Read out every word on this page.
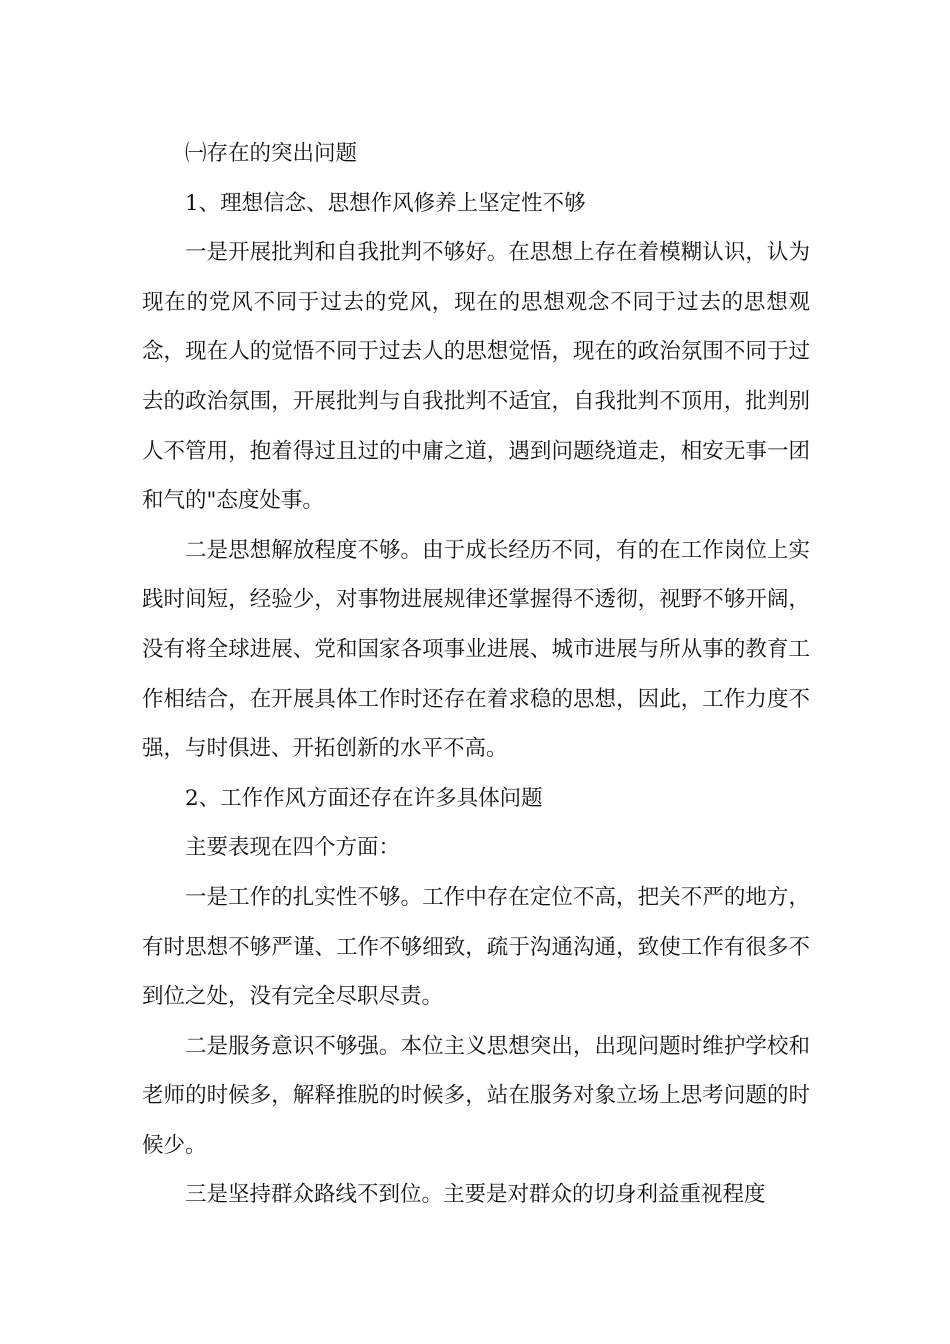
㈠存在的突出问题

1、理想信念、思想作风修养上坚定性不够

一是开展批判和自我批判不够好。在思想上存在着模糊认识，认为现在的党风不同于过去的党风，现在的思想观念不同于过去的思想观念，现在人的觉悟不同于过去人的思想觉悟，现在的政治氛围不同于过去的政治氛围，开展批判与自我批判不适宜，自我批判不顶用，批判别人不管用，抱着得过且过的中庸之道，遇到问题绕道走，相安无事一团和气的"态度处事。

二是思想解放程度不够。由于成长经历不同，有的在工作岗位上实践时间短，经验少，对事物进展规律还掌握得不透彻，视野不够开阔，没有将全球进展、党和国家各项事业进展、城市进展与所从事的教育工作相结合，在开展具体工作时还存在着求稳的思想，因此，工作力度不强，与时俱进、开拓创新的水平不高。

2、工作作风方面还存在许多具体问题

主要表现在四个方面：

一是工作的扎实性不够。工作中存在定位不高，把关不严的地方，有时思想不够严谨、工作不够细致，疏于沟通沟通，致使工作有很多不到位之处，没有完全尽职尽责。

二是服务意识不够强。本位主义思想突出，出现问题时维护学校和老师的时候多，解释推脱的时候多，站在服务对象立场上思考问题的时候少。

三是坚持群众路线不到位。主要是对群众的切身利益重视程度
